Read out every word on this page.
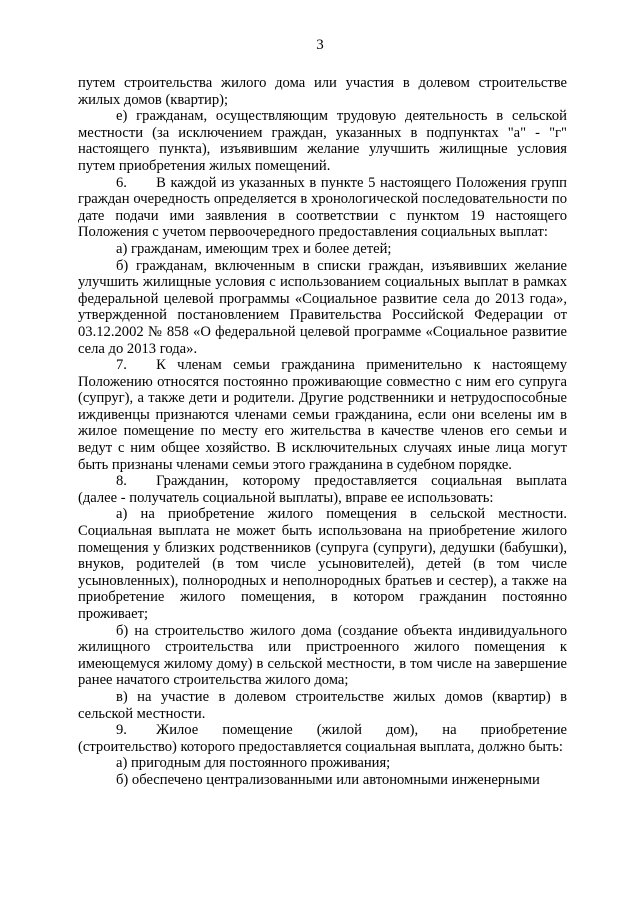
3

путем строительства жилого дома или участия в долевом строительстве жилых домов (квартир);

е) гражданам, осуществляющим трудовую деятельность в сельской местности (за исключением граждан, указанных в подпунктах "а" - "г" настоящего пункта), изъявившим желание улучшить жилищные условия путем приобретения жилых помещений.

6.  В каждой из указанных в пункте 5 настоящего Положения групп граждан очередность определяется в хронологической последовательности по дате подачи ими заявления в соответствии с пунктом 19 настоящего Положения с учетом первоочередного предоставления социальных выплат:

а) гражданам, имеющим трех и более детей;

б) гражданам, включенным в списки граждан, изъявивших желание улучшить жилищные условия с использованием социальных выплат в рамках федеральной целевой программы «Социальное развитие села до 2013 года», утвержденной постановлением Правительства Российской Федерации от 03.12.2002 № 858 «О федеральной целевой программе «Социальное развитие села до 2013 года».

7.  К членам семьи гражданина применительно к настоящему Положению относятся постоянно проживающие совместно с ним его супруга (супруг), а также дети и родители. Другие родственники и нетрудоспособные иждивенцы признаются членами семьи гражданина, если они вселены им в жилое помещение по месту его жительства в качестве членов его семьи и ведут с ним общее хозяйство. В исключительных случаях иные лица могут быть признаны членами семьи этого гражданина в судебном порядке.

8.  Гражданин, которому предоставляется социальная выплата (далее - получатель социальной выплаты), вправе ее использовать:

а) на приобретение жилого помещения в сельской местности. Социальная выплата не может быть использована на приобретение жилого помещения у близких родственников (супруга (супруги), дедушки (бабушки), внуков, родителей (в том числе усыновителей), детей (в том числе усыновленных), полнородных и неполнородных братьев и сестер), а также на приобретение жилого помещения, в котором гражданин постоянно проживает;

б) на строительство жилого дома (создание объекта индивидуального жилищного строительства или пристроенного жилого помещения к имеющемуся жилому дому) в сельской местности, в том числе на завершение ранее начатого строительства жилого дома;

в) на участие в долевом строительстве жилых домов (квартир) в сельской местности.

9.  Жилое помещение (жилой дом), на приобретение (строительство) которого предоставляется социальная выплата, должно быть:

а) пригодным для постоянного проживания;

б) обеспечено централизованными или автономными инженерными
